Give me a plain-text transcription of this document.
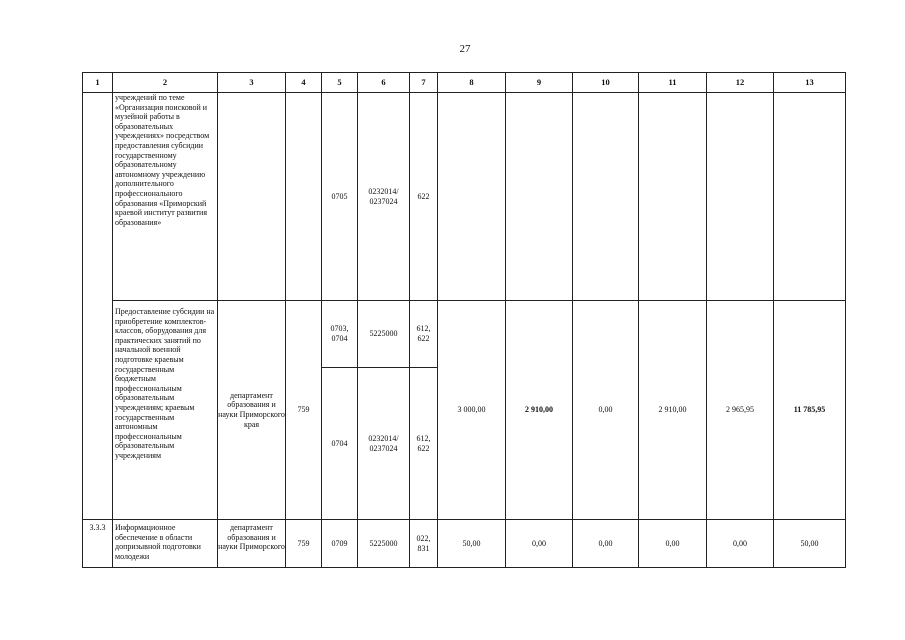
27
1	2	3	4	5	6	7	8	9	10	11	12	13
	учреждений по теме «Организация поисковой и музейной работы в образовательных учреждениях» посредством предоставления субсидии государственному образовательному автономному учреждению дополнительного профессионального образования «Приморский краевой институт развития образования»			0705	0232014/ 0237024	622						
	Предоставление субсидии на приобретение комплектов-классов, оборудования для практических занятий по начальной военной подготовке краевым государственным бюджетным профессиональным образовательным учреждениям; краевым государственным автономным профессиональным образовательным учреждениям	департамент образования и науки Приморского края	759	0703, 0704	5225000	612, 622	3 000,00	2 910,00	0,00	2 910,00	2 965,95	11 785,95
				0704	0232014/ 0237024	612, 622						
3.3.3	Информационное обеспечение в области допризывной подготовки молодежи	департамент образования и науки Приморского	759	0709	5225000	022, 831	50,00	0,00	0,00	0,00	0,00	50,00
